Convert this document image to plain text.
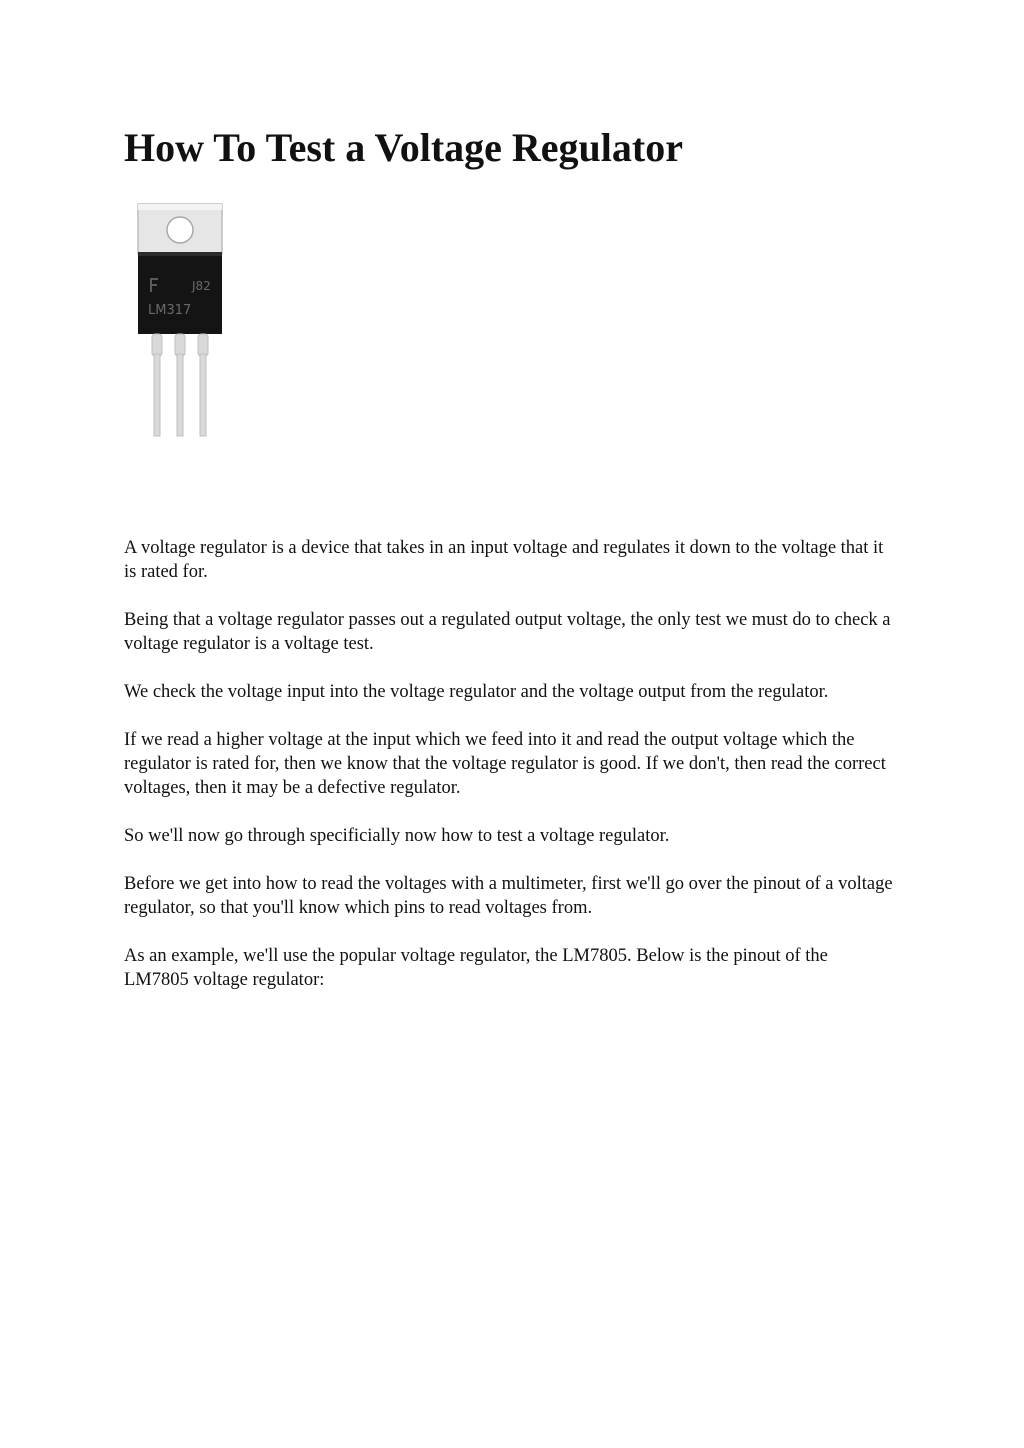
How To Test a Voltage Regulator
J82
LM317

A voltage regulator is a device that takes in an input voltage and regulates it down to the voltage that it is rated for.

Being that a voltage regulator passes out a regulated output voltage, the only test we must do to check a voltage regulator is a voltage test.

We check the voltage input into the voltage regulator and the voltage output from the regulator.

If we read a higher voltage at the input which we feed into it and read the output voltage which the regulator is rated for, then we know that the voltage regulator is good. If we don't, then read the correct voltages, then it may be a defective regulator.

So we'll now go through specificially now how to test a voltage regulator.

Before we get into how to read the voltages with a multimeter, first we'll go over the pinout of a voltage regulator, so that you'll know which pins to read voltages from.

As an example, we'll use the popular voltage regulator, the LM7805. Below is the pinout of the LM7805 voltage regulator:
